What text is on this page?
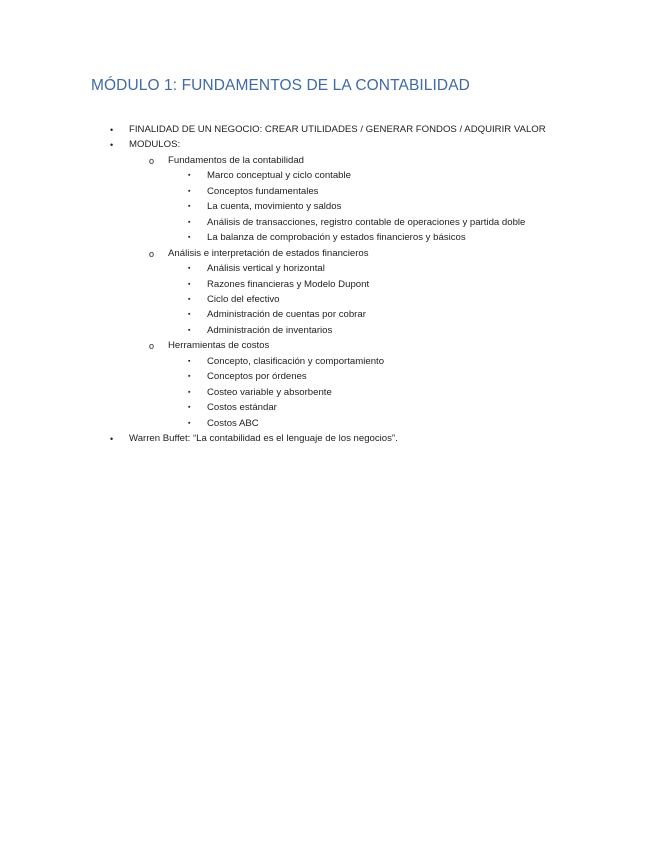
MÓDULO 1: FUNDAMENTOS DE LA CONTABILIDAD
• FINALIDAD DE UN NEGOCIO: CREAR UTILIDADES / GENERAR FONDOS / ADQUIRIR VALOR
• MODULOS:
o Fundamentos de la contabilidad
▪ Marco conceptual y ciclo contable
▪ Conceptos fundamentales
▪ La cuenta, movimiento y saldos
▪ Análisis de transacciones, registro contable de operaciones y partida doble
▪ La balanza de comprobación y estados financieros y básicos
o Análisis e interpretación de estados financieros
▪ Análisis vertical y horizontal
▪ Razones financieras y Modelo Dupont
▪ Ciclo del efectivo
▪ Administración de cuentas por cobrar
▪ Administración de inventarios
o Herramientas de costos
▪ Concepto, clasificación y comportamiento
▪ Conceptos por órdenes
▪ Costeo variable y absorbente
▪ Costos estándar
▪ Costos ABC
• Warren Buffet: “La contabilidad es el lenguaje de los negocios”.
